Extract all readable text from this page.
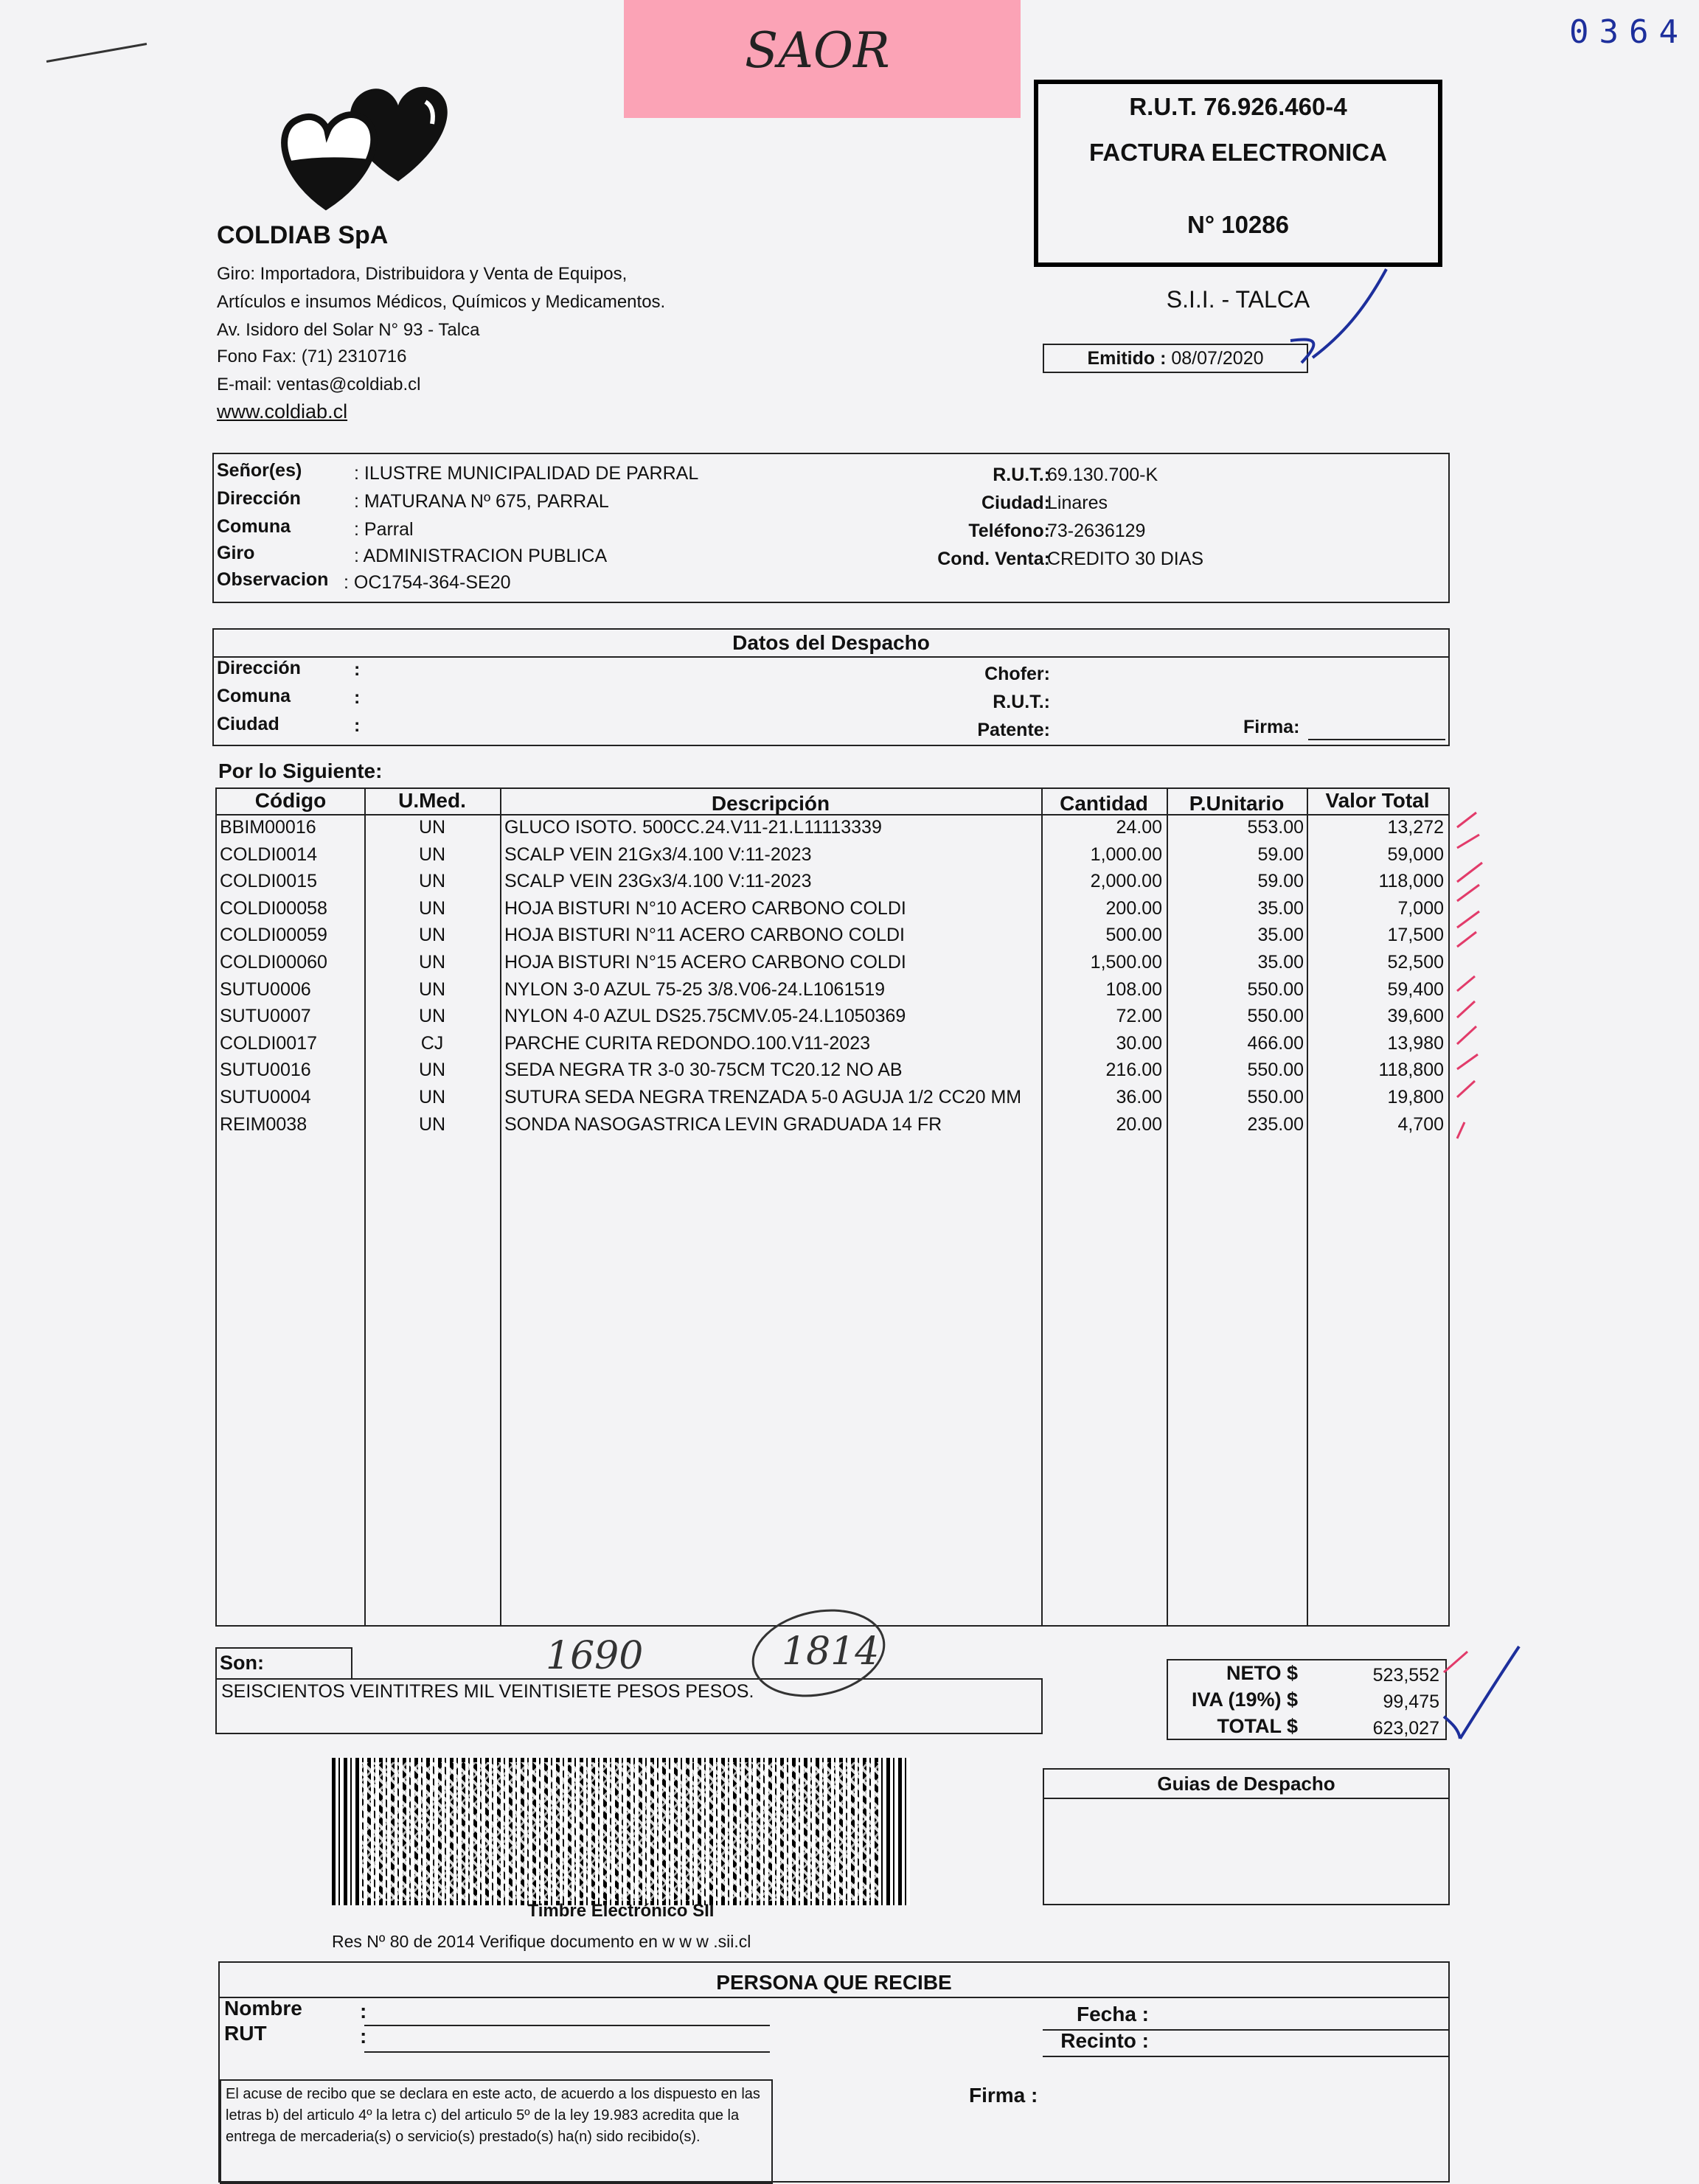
SAOR	0364
COLDIAB SpA
Giro: Importadora, Distribuidora y Venta de Equipos,
Artículos e insumos Médicos, Químicos y Medicamentos.
Av. Isidoro del Solar N° 93 - Talca
Fono Fax: (71) 2310716
E-mail: ventas@coldiab.cl
www.coldiab.cl
R.U.T. 76.926.460-4
FACTURA ELECTRONICA
N° 10286
S.I.I. - TALCA
Emitido : 08/07/2020
Señor(es)	: ILUSTRE MUNICIPALIDAD DE PARRAL
Dirección	: MATURANA Nº 675, PARRAL
Comuna	: Parral
Giro	: ADMINISTRACION PUBLICA
Observacion : OC1754-364-SE20
R.U.T.:
69.130.700-K
Ciudad:
Linares
Teléfono:
73-2636129
Cond. Venta:
CREDITO 30 DIAS
Datos del Despacho
Dirección	:
Comuna	:
Ciudad	:
Chofer:
R.U.T.:
Patente:	Firma:
Por lo Siguiente:
Código	U.Med.	Descripción	Cantidad	P.Unitario	Valor Total
BBIM00016	UN	GLUCO ISOTO. 500CC.24.V11-21.L11113339	24.00	553.00	13,272
COLDI0014	UN	SCALP VEIN 21Gx3/4.100 V:11-2023	1,000.00	59.00	59,000
COLDI0015	UN	SCALP VEIN 23Gx3/4.100 V:11-2023	2,000.00	59.00	118,000
COLDI00058	UN	HOJA BISTURI N°10 ACERO CARBONO COLDI	200.00	35.00	7,000
COLDI00059	UN	HOJA BISTURI N°11 ACERO CARBONO COLDI	500.00	35.00	17,500
COLDI00060	UN	HOJA BISTURI N°15 ACERO CARBONO COLDI	1,500.00	35.00	52,500
SUTU0006	UN	NYLON 3-0 AZUL 75-25 3/8.V06-24.L1061519	108.00	550.00	59,400
SUTU0007	UN	NYLON 4-0 AZUL DS25.75CMV.05-24.L1050369	72.00	550.00	39,600
COLDI0017	CJ	PARCHE CURITA REDONDO.100.V11-2023	30.00	466.00	13,980
SUTU0016	UN	SEDA NEGRA TR 3-0 30-75CM TC20.12 NO AB	216.00	550.00	118,800
SUTU0004	UN	SUTURA SEDA NEGRA TRENZADA 5-0 AGUJA 1/2 CC20 MM	36.00	550.00	19,800
REIM0038	UN	SONDA NASOGASTRICA LEVIN GRADUADA 14 FR	20.00	235.00	4,700
Son:
SEISCIENTOS VEINTITRES MIL VEINTISIETE PESOS PESOS.
1690	1814	NETO $	523,552
IVA (19%) $	99,475
TOTAL $	623,027
Timbre Electrónico SII
Res Nº 80 de 2014 Verifique documento en w w w .sii.cl
Guias de Despacho
PERSONA QUE RECIBE
Nombre	:
RUT	:
Fecha :
Recinto :
Firma :
El acuse de recibo que se declara en este acto, de acuerdo a los dispuesto en las letras b) del articulo 4º la letra c) del articulo 5º de la ley 19.983 acredita que la entrega de mercaderia(s) o servicio(s) prestado(s) ha(n) sido recibido(s).
